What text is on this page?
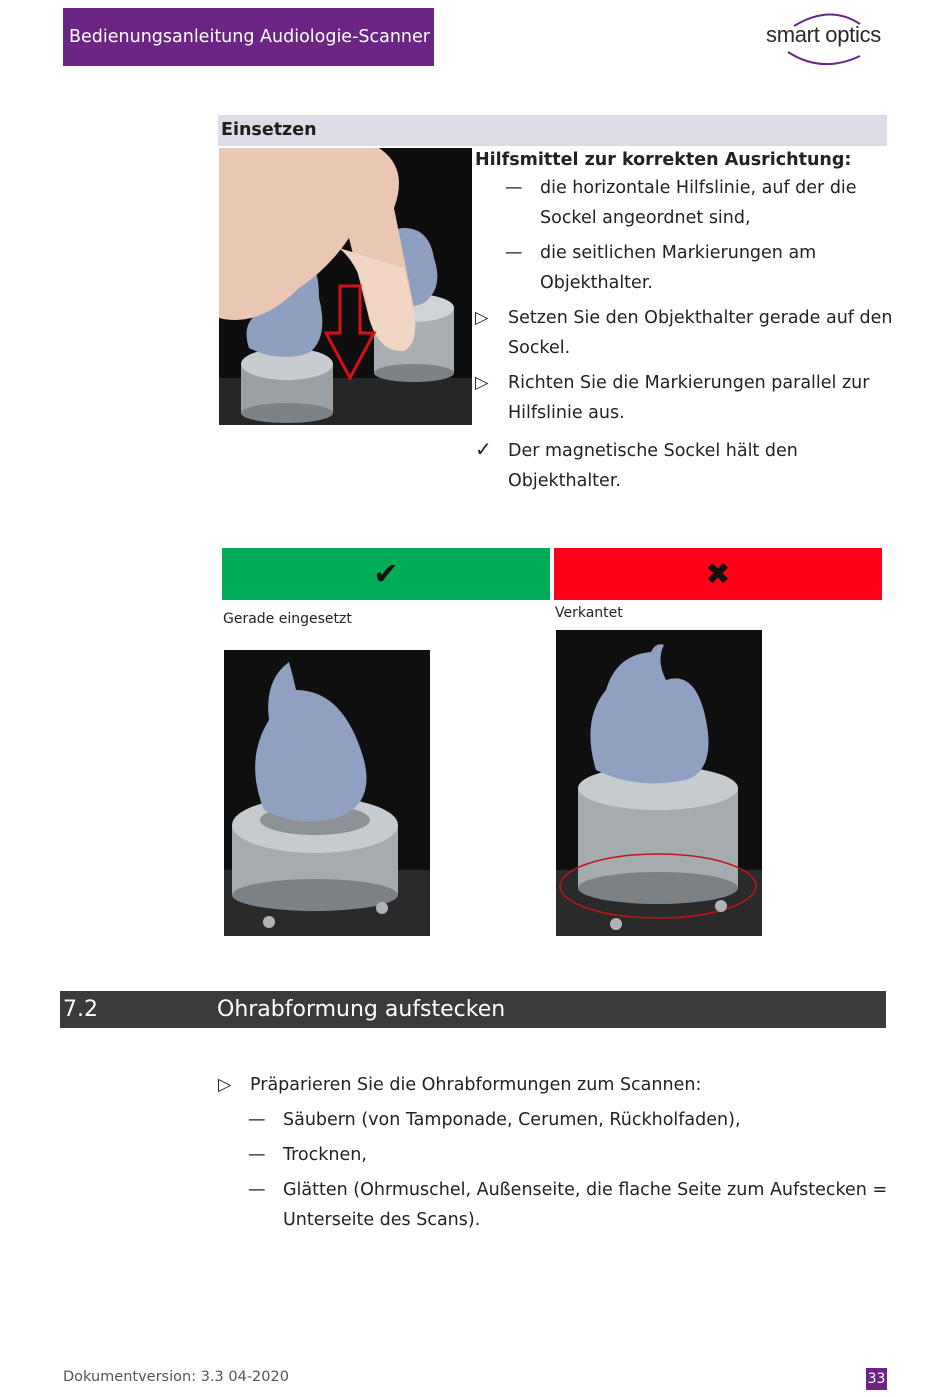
Bedienungsanleitung Audiologie-Scanner	smart optics
Einsetzen
Hilfsmittel zur korrekten Ausrichtung:
—	die horizontale Hilfslinie, auf der die
Sockel angeordnet sind,
—	die seitlichen Markierungen am
Objekthalter.
▷ Setzen Sie den Objekthalter gerade auf den
Sockel.
▷ Richten Sie die Markierungen parallel zur
Hilfslinie aus.
✓ Der magnetische Sockel hält den
Objekthalter.
✔	✖
Gerade eingesetzt	Verkantet
7.2	Ohrabformung aufstecken
▷ Präparieren Sie die Ohrabformungen zum Scannen:
— Säubern (von Tamponade, Cerumen, Rückholfaden),
— Trocknen,
— Glätten (Ohrmuschel, Außenseite, die flache Seite zum Aufstecken =
Unterseite des Scans).
Dokumentversion: 3.3 04-2020	33
